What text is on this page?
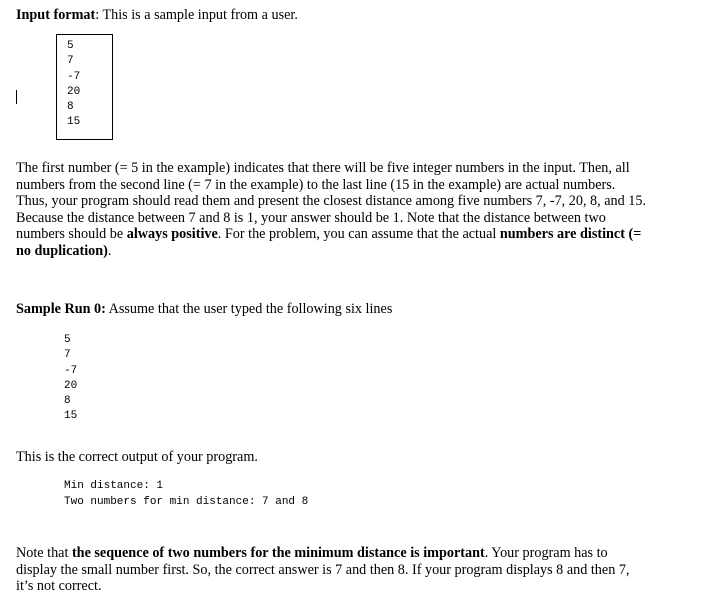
Input format: This is a sample input from a user.
5
7
-7
20
8
15
The first number (= 5 in the example) indicates that there will be five integer numbers in the input. Then, all numbers from the second line (= 7 in the example) to the last line (15 in the example) are actual numbers. Thus, your program should read them and present the closest distance among five numbers 7, -7, 20, 8, and 15. Because the distance between 7 and 8 is 1, your answer should be 1. Note that the distance between two numbers should be always positive. For the problem, you can assume that the actual numbers are distinct (= no duplication).
Sample Run 0: Assume that the user typed the following six lines
5
7
-7
20
8
15
This is the correct output of your program.
Min distance: 1
Two numbers for min distance: 7 and 8
Note that the sequence of two numbers for the minimum distance is important. Your program has to display the small number first. So, the correct answer is 7 and then 8. If your program displays 8 and then 7, it’s not correct.
